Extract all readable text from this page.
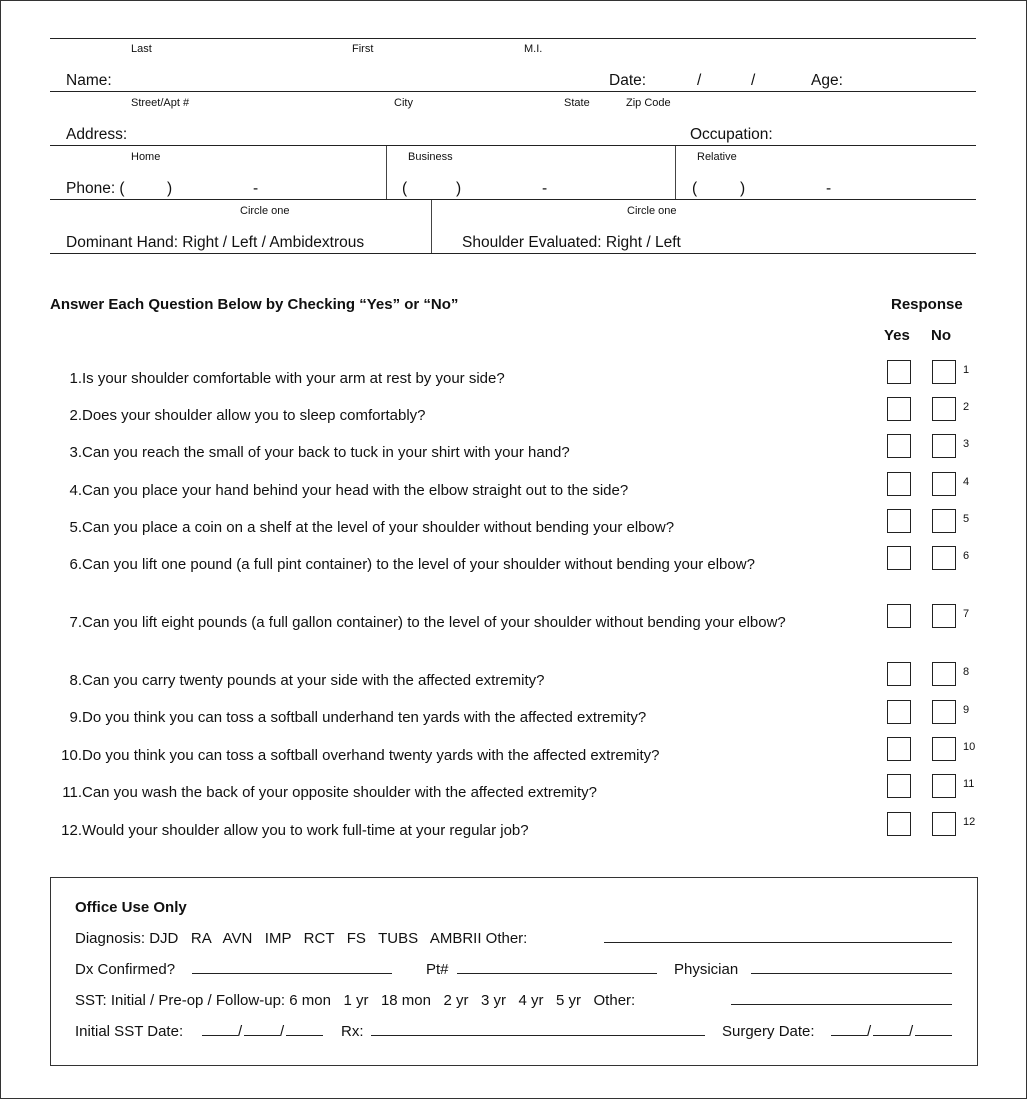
Last	First	M.I.
Name:	Date:	/	/	Age:
Street/Apt #	City	State	Zip Code
Address:	Occupation:
Home	Business	Relative
Phone: (	)	-	(	)	-	(	)	-
Circle one	Circle one
Dominant Hand: Right / Left / Ambidextrous	Shoulder Evaluated: Right / Left
Answer Each Question Below by Checking “Yes” or “No”	Response
Yes No
1. Is your shoulder comfortable with your arm at rest by your side?
2. Does your shoulder allow you to sleep comfortably?
3. Can you reach the small of your back to tuck in your shirt with your hand?
4. Can you place your hand behind your head with the elbow straight out to the side?
5. Can you place a coin on a shelf at the level of your shoulder without bending your elbow?
6. Can you lift one pound (a full pint container) to the level of your shoulder without bending your elbow?
7. Can you lift eight pounds (a full gallon container) to the level of your shoulder without bending your elbow?
8. Can you carry twenty pounds at your side with the affected extremity?
9. Do you think you can toss a softball underhand ten yards with the affected extremity?
10. Do you think you can toss a softball overhand twenty yards with the affected extremity?
11. Can you wash the back of your opposite shoulder with the affected extremity?
12. Would your shoulder allow you to work full-time at your regular job?
1
2
3
4
5
6
7
8
9
10
11
12
Office Use Only
Diagnosis: DJD   RA   AVN   IMP   RCT   FS   TUBS   AMBRII Other:
Dx Confirmed?	Pt#	Physician
SST: Initial / Pre-op / Follow-up: 6 mon   1 yr   18 mon   2 yr   3 yr   4 yr   5 yr   Other:
Initial SST Date:	/	/	Rx:	Surgery Date:	/	/
